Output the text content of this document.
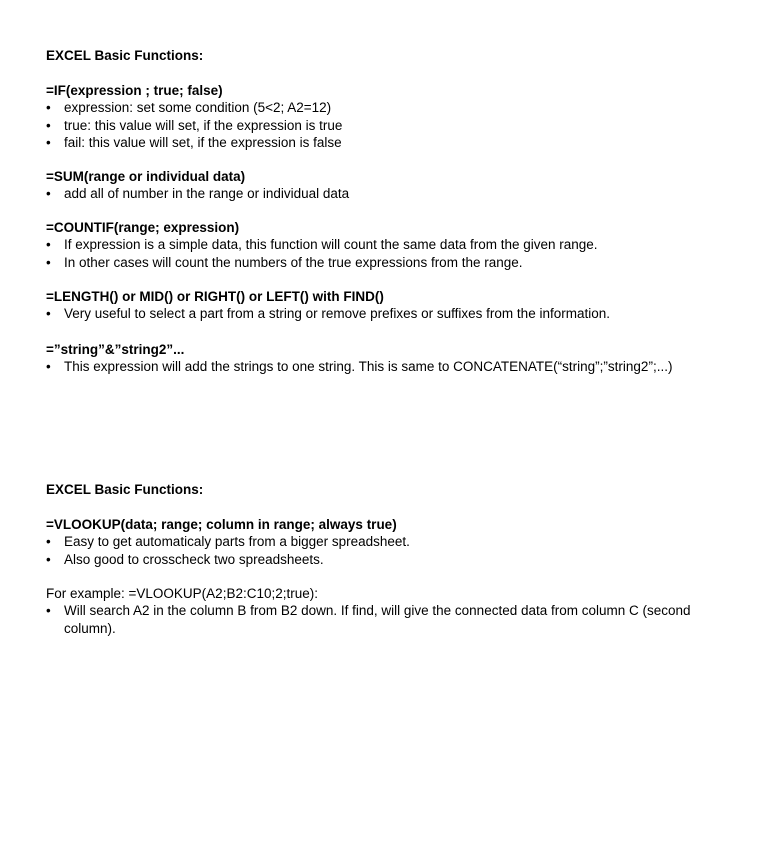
EXCEL Basic Functions:

=IF(expression ; true; false)

• expression: set some condition (5<2; A2=12)
• true: this value will set, if the expression is true
• fail: this value will set, if the expression is false

=SUM(range or individual data)

• add all of number in the range or individual data

=COUNTIF(range; expression)

• If expression is a simple data, this function will count the same data from the given range.
• In other cases will count the numbers of the true expressions from the range.

=LENGTH() or MID() or RIGHT() or LEFT() with FIND()

• Very useful to select a part from a string or remove prefixes or suffixes from the information.

=”string”&”string2”...

• This expression will add the strings to one string. This is same to CONCATENATE(“string”;”string2”;...)

EXCEL Basic Functions:

=VLOOKUP(data; range; column in range; always true)

• Easy to get automaticaly parts from a bigger spreadsheet.
• Also good to crosscheck two spreadsheets.

For example: =VLOOKUP(A2;B2:C10;2;true):

• Will search A2 in the column B from B2 down. If find, will give the connected data from column C (second column).
